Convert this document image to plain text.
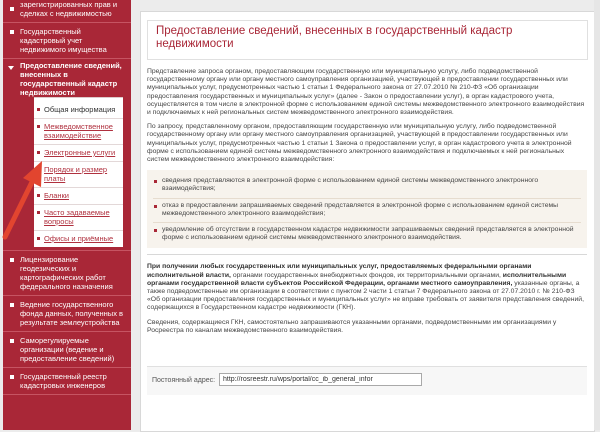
зарегистрированных прав и сделках с недвижимостью
Государственный кадастровый учет недвижимого имущества
Предоставление сведений, внесенных в государственный кадастр недвижимости
Общая информация
Межведомственное взаимодействие
Электронные услуги
Порядок и размер платы
Бланки
Часто задаваемые вопросы
Офисы и приёмные
Лицензирование геодезических и картографических работ федерального назначения
Ведение государственного фонда данных, полученных в результате землеустройства
Саморегулируемые организации (ведение и предоставление сведений)
Государственный реестр кадастровых инженеров
Предоставление сведений, внесенных в государственный кадастр недвижимости

Представление запроса органом, предоставляющим государственную или муниципальную услугу, либо подведомственной государственному органу или органу местного самоуправления организацией, участвующей в предоставлении государственных или муниципальных услуг, предусмотренных частью 1 статьи 1 Федерального закона от 27.07.2010 № 210-ФЗ «Об организации предоставления государственных и муниципальных услуг» (далее - Закон о предоставлении услуг), в орган кадастрового учета, осуществляется в том числе в электронной форме с использованием единой системы межведомственного электронного взаимодействия и подключаемых к ней региональных систем межведомственного электронного взаимодействия.

По запросу, представленному органом, предоставляющим государственную или муниципальную услугу, либо подведомственной государственному органу или органу местного самоуправления организацией, участвующей в предоставлении государственных или муниципальных услуг, предусмотренных частью 1 статьи 1 Закона о предоставлении услуг, в орган кадастрового учета в электронной форме с использованием единой системы межведомственного электронного взаимодействия и подключаемых к ней региональных систем межведомственного электронного взаимодействия:

сведения представляются в электронной форме с использованием единой системы межведомственного электронного взаимодействия;
отказ в предоставлении запрашиваемых сведений представляется в электронной форме с использованием единой системы межведомственного электронного взаимодействия;
уведомление об отсутствии в государственном кадастре недвижимости запрашиваемых сведений представляется в электронной форме с использованием единой системы межведомственного электронного взаимодействия.

При получении любых государственных или муниципальных услуг, предоставляемых федеральными органами исполнительной власти, органами государственных внебюджетных фондов, их территориальными органами, исполнительными органами государственной власти субъектов Российской Федерации, органами местного самоуправления, указанные органы, а также подведомственные им организации в соответствии с пунктом 2 части 1 статьи 7 Федерального закона от 27.07.2010 г. № 210-ФЗ «Об организации предоставления государственных и муниципальных услуг» не вправе требовать от заявителя представления сведений, содержащихся в Государственном кадастре недвижимости (ГКН).

Сведения, содержащиеся ГКН, самостоятельно запрашиваются указанными органами, подведомственными им организациями у Росреестра по каналам межведомственного взаимодействия.

Постоянный адрес:
http://rosreestr.ru/wps/portal/cc_ib_general_infor
